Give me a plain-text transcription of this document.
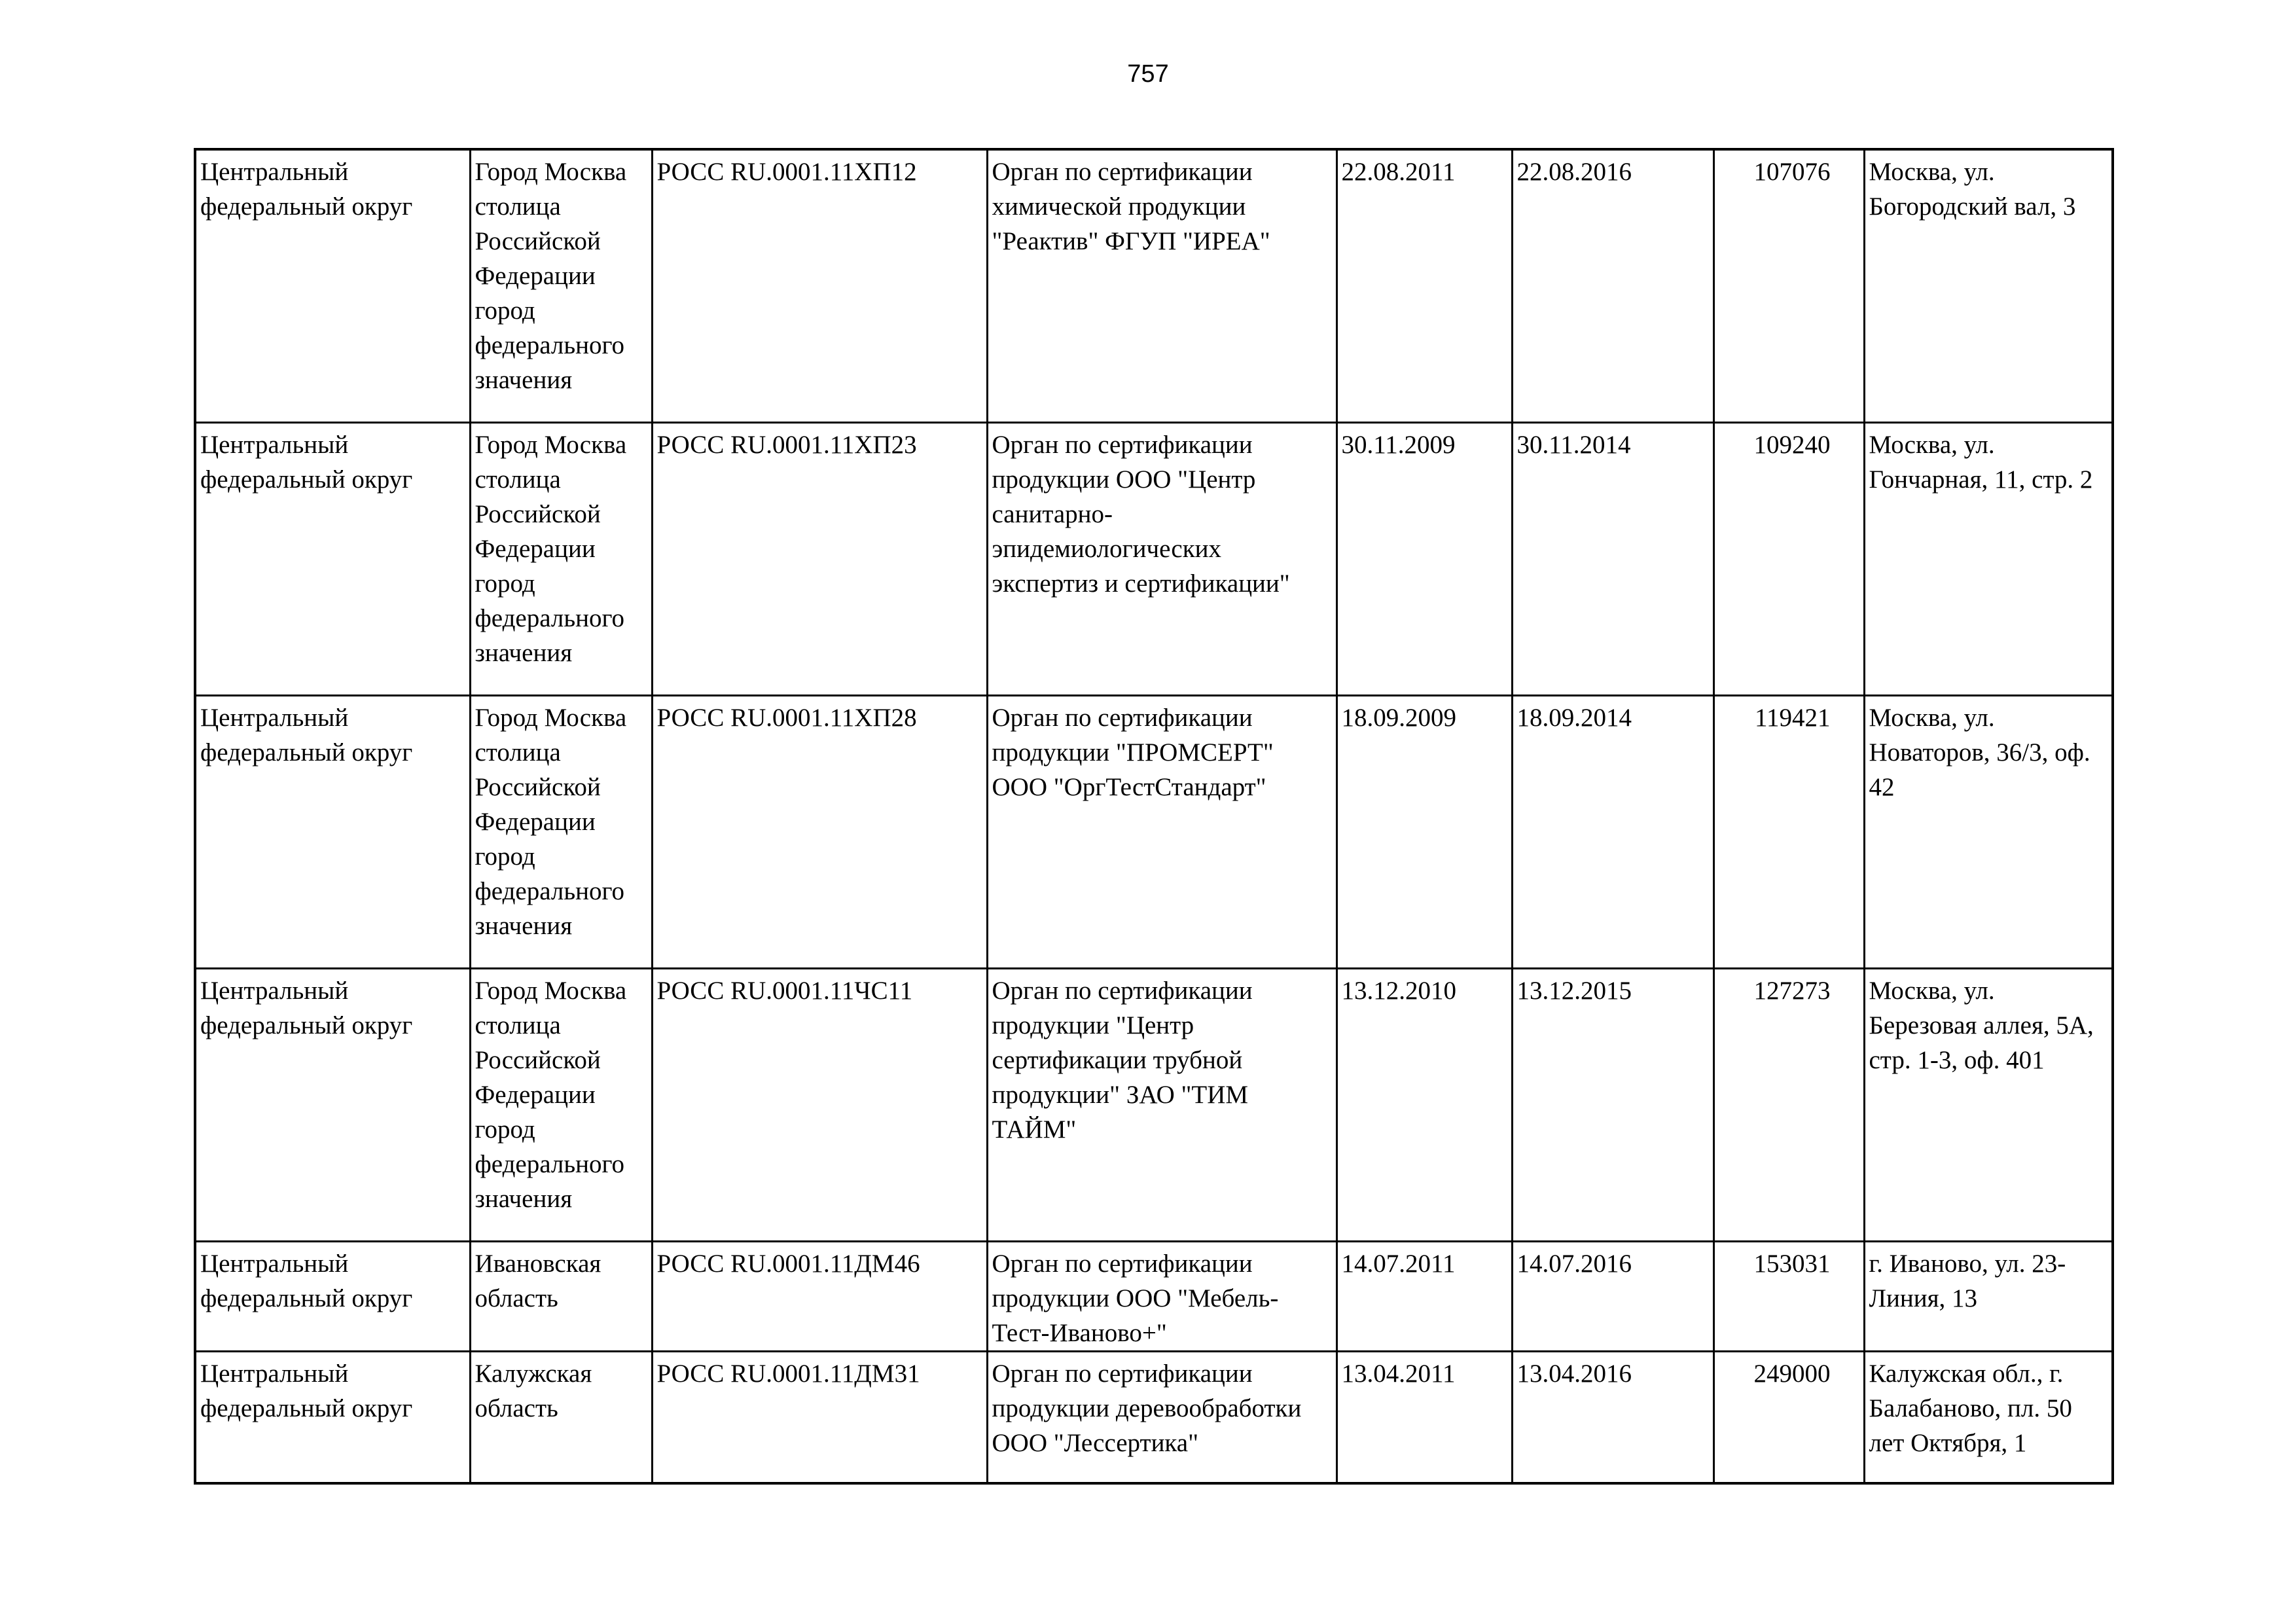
757
Центральный федеральный округ	Город Москва столица Российской Федерации город федерального значения	РОСС RU.0001.11ХП12	Орган по сертификации химической продукции "Реактив" ФГУП "ИРЕА"	22.08.2011	22.08.2016	107076	Москва, ул. Богородский вал, 3

Центральный федеральный округ	Город Москва столица Российской Федерации город федерального значения	РОСС RU.0001.11ХП23	Орган по сертификации продукции ООО "Центр санитарно-эпидемиологических экспертиз и сертификации"	30.11.2009	30.11.2014	109240	Москва, ул. Гончарная, 11, стр. 2

Центральный федеральный округ	Город Москва столица Российской Федерации город федерального значения	РОСС RU.0001.11ХП28	Орган по сертификации продукции "ПРОМСЕРТ" ООО "ОргТестСтандарт"	18.09.2009	18.09.2014	119421	Москва, ул. Новаторов, 36/3, оф. 42

Центральный федеральный округ	Город Москва столица Российской Федерации город федерального значения	РОСС RU.0001.11ЧС11	Орган по сертификации продукции "Центр сертификации трубной продукции" ЗАО "ТИМ ТАЙМ"	13.12.2010	13.12.2015	127273	Москва, ул. Березовая аллея, 5А, стр. 1-3, оф. 401

Центральный федеральный округ	Ивановская область	РОСС RU.0001.11ДМ46	Орган по сертификации продукции ООО "Мебель-Тест-Иваново+"	14.07.2011	14.07.2016	153031	г. Иваново, ул. 23-Линия, 13

Центральный федеральный округ	Калужская область	РОСС RU.0001.11ДМ31	Орган по сертификации продукции деревообработки ООО "Лессертика"	13.04.2011	13.04.2016	249000	Калужская обл., г. Балабаново, пл. 50 лет Октября, 1
